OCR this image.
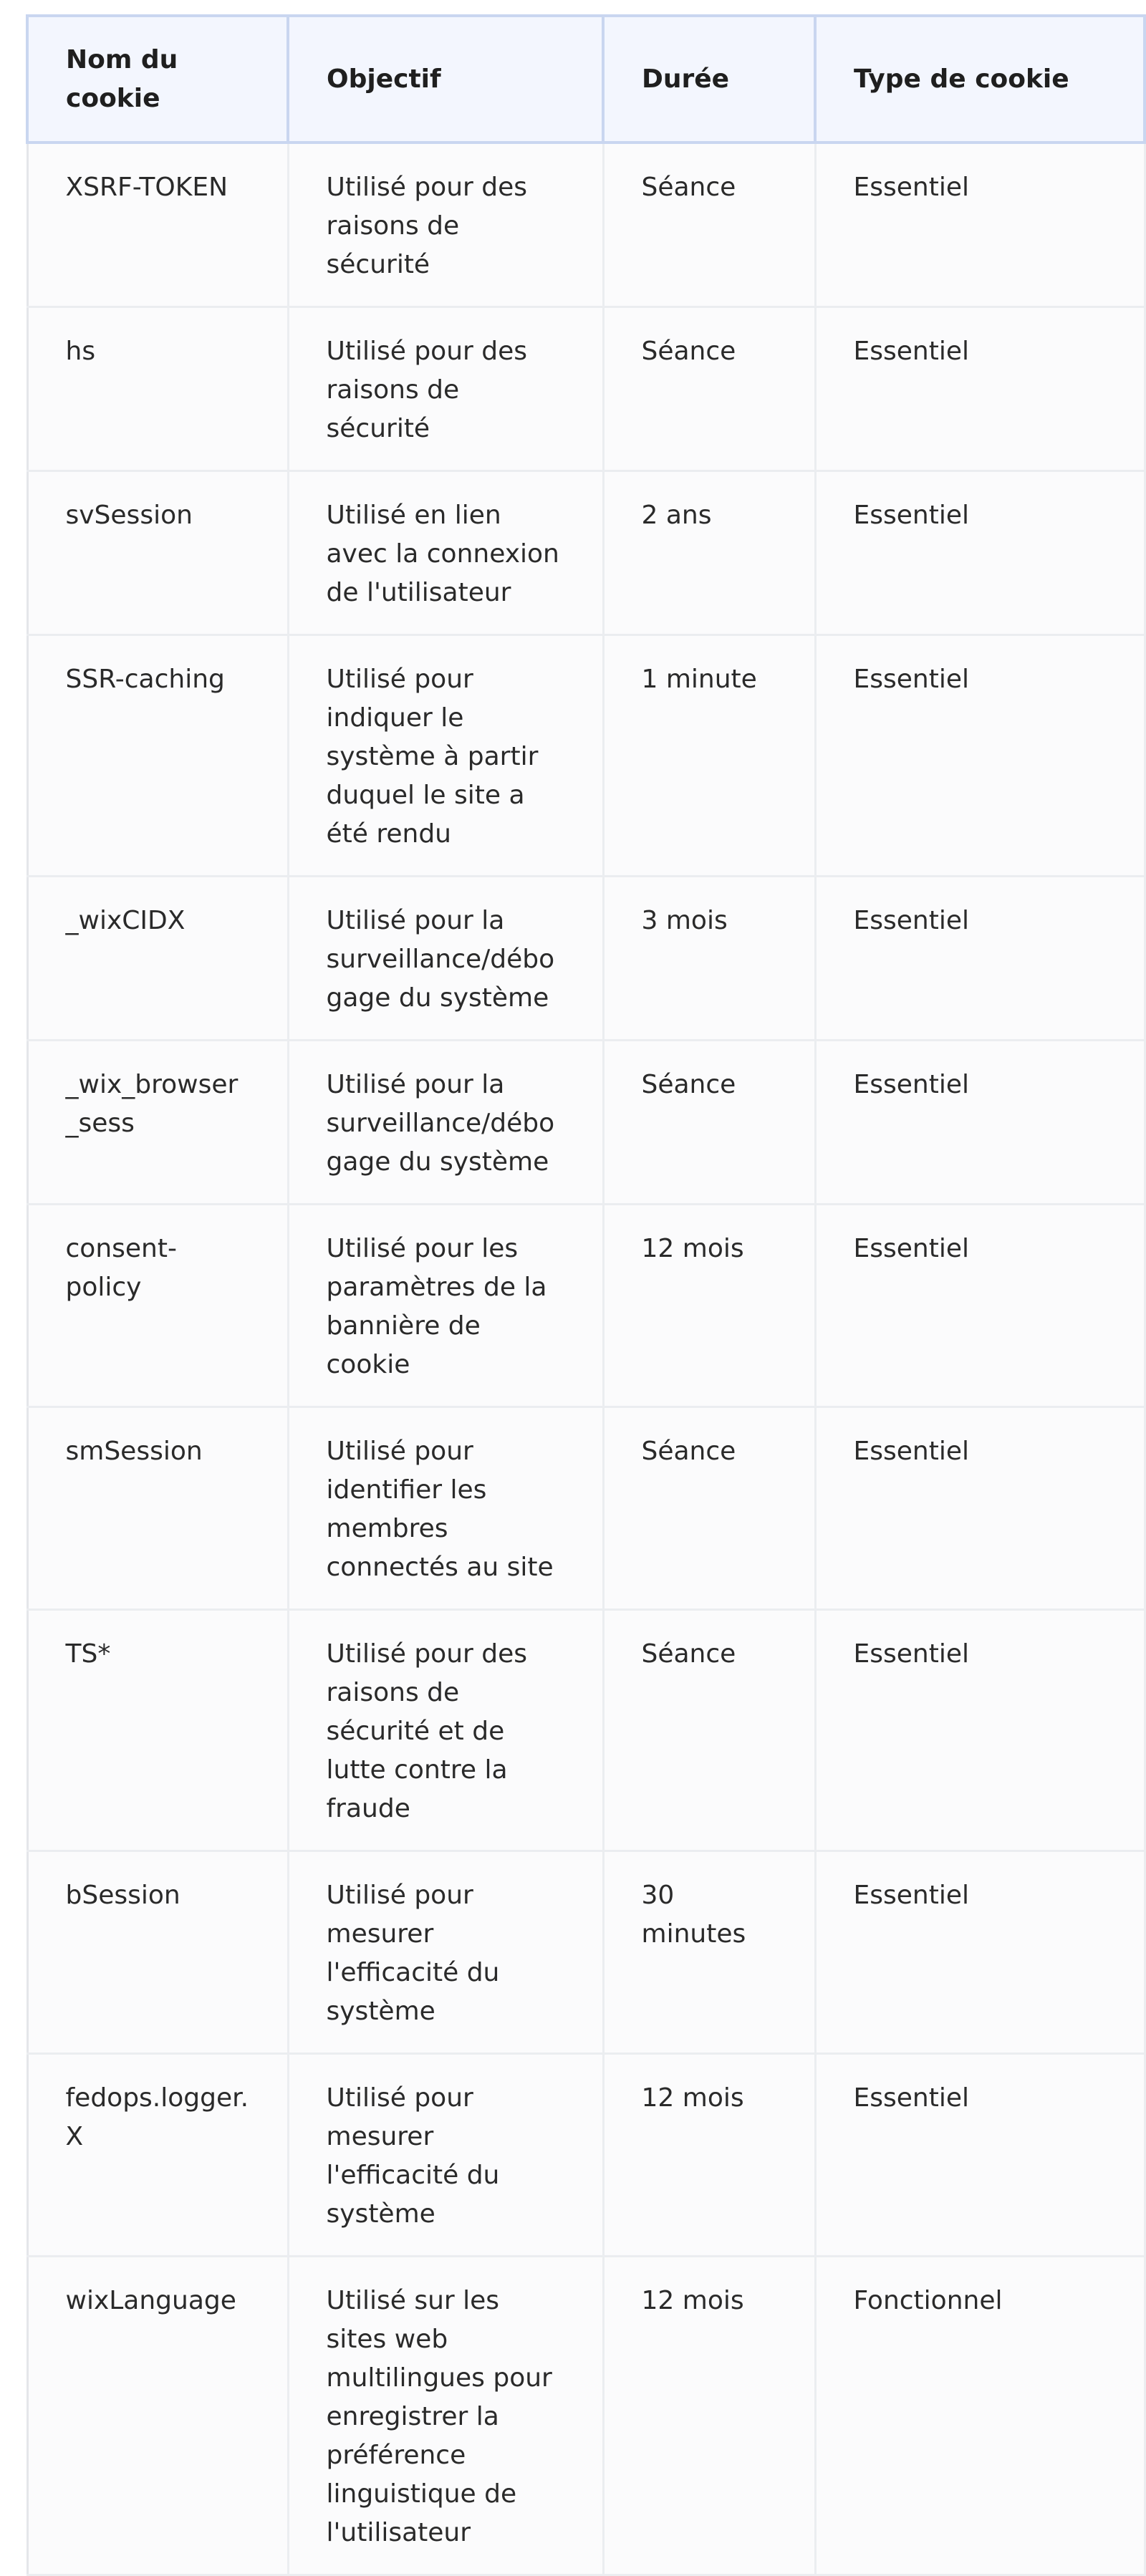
Nom du cookie	Objectif	Durée	Type de cookie
XSRF-TOKEN	Utilisé pour des raisons de sécurité	Séance	Essentiel
hs	Utilisé pour des raisons de sécurité	Séance	Essentiel
svSession	Utilisé en lien avec la connexion de l'utilisateur	2 ans	Essentiel
SSR-caching	Utilisé pour indiquer le système à partir duquel le site a été rendu	1 minute	Essentiel
_wixCIDX	Utilisé pour la surveillance/débogage du système	3 mois	Essentiel
_wix_browser_sess	Utilisé pour la surveillance/débogage du système	Séance	Essentiel
consent-policy	Utilisé pour les paramètres de la bannière de cookie	12 mois	Essentiel
smSession	Utilisé pour identifier les membres connectés au site	Séance	Essentiel
TS*	Utilisé pour des raisons de sécurité et de lutte contre la fraude	Séance	Essentiel
bSession	Utilisé pour mesurer l'efficacité du système	30 minutes	Essentiel
fedops.logger.X	Utilisé pour mesurer l'efficacité du système	12 mois	Essentiel
wixLanguage	Utilisé sur les sites web multilingues pour enregistrer la préférence linguistique de l'utilisateur	12 mois	Fonctionnel
